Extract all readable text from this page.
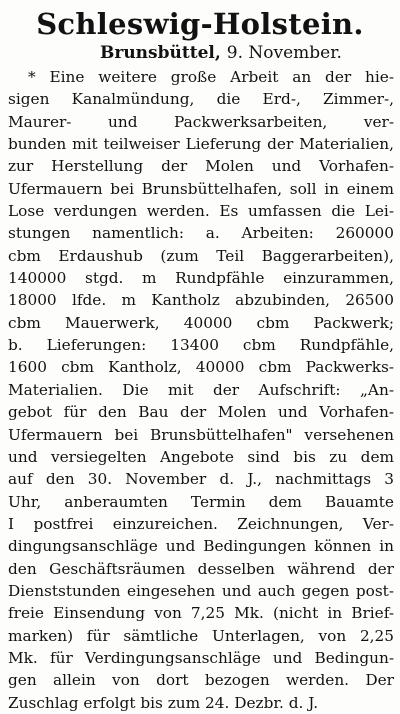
Schleswig-Holstein.
Brunsbüttel, 9. November.
* Eine weitere große Arbeit an der hie-
sigen Kanalmündung, die Erd-, Zimmer-,
Maurer- und Packwerksarbeiten, ver-
bunden mit teilweiser Lieferung der Materialien,
zur Herstellung der Molen und Vorhafen-
Ufermauern bei Brunsbüttelhafen, soll in einem
Lose verdungen werden. Es umfassen die Lei-
stungen namentlich: a. Arbeiten: 260000
cbm Erdaushub (zum Teil Baggerarbeiten),
140000 stgd. m Rundpfähle einzurammen,
18000 lfde. m Kantholz abzubinden, 26500
cbm Mauerwerk, 40000 cbm Packwerk;
b. Lieferungen: 13400 cbm Rundpfähle,
1600 cbm Kantholz, 40000 cbm Packwerks-
Materialien. Die mit der Aufschrift: „An-
gebot für den Bau der Molen und Vorhafen-
Ufermauern bei Brunsbüttelhafen" versehenen
und versiegelten Angebote sind bis zu dem
auf den 30. November d. J., nachmittags 3
Uhr, anberaumten Termin dem Bauamte
I postfrei einzureichen. Zeichnungen, Ver-
dingungsanschläge und Bedingungen können in
den Geschäftsräumen desselben während der
Dienststunden eingesehen und auch gegen post-
freie Einsendung von 7,25 Mk. (nicht in Brief-
marken) für sämtliche Unterlagen, von 2,25
Mk. für Verdingungsanschläge und Bedingun-
gen allein von dort bezogen werden. Der
Zuschlag erfolgt bis zum 24. Dezbr. d. J.
